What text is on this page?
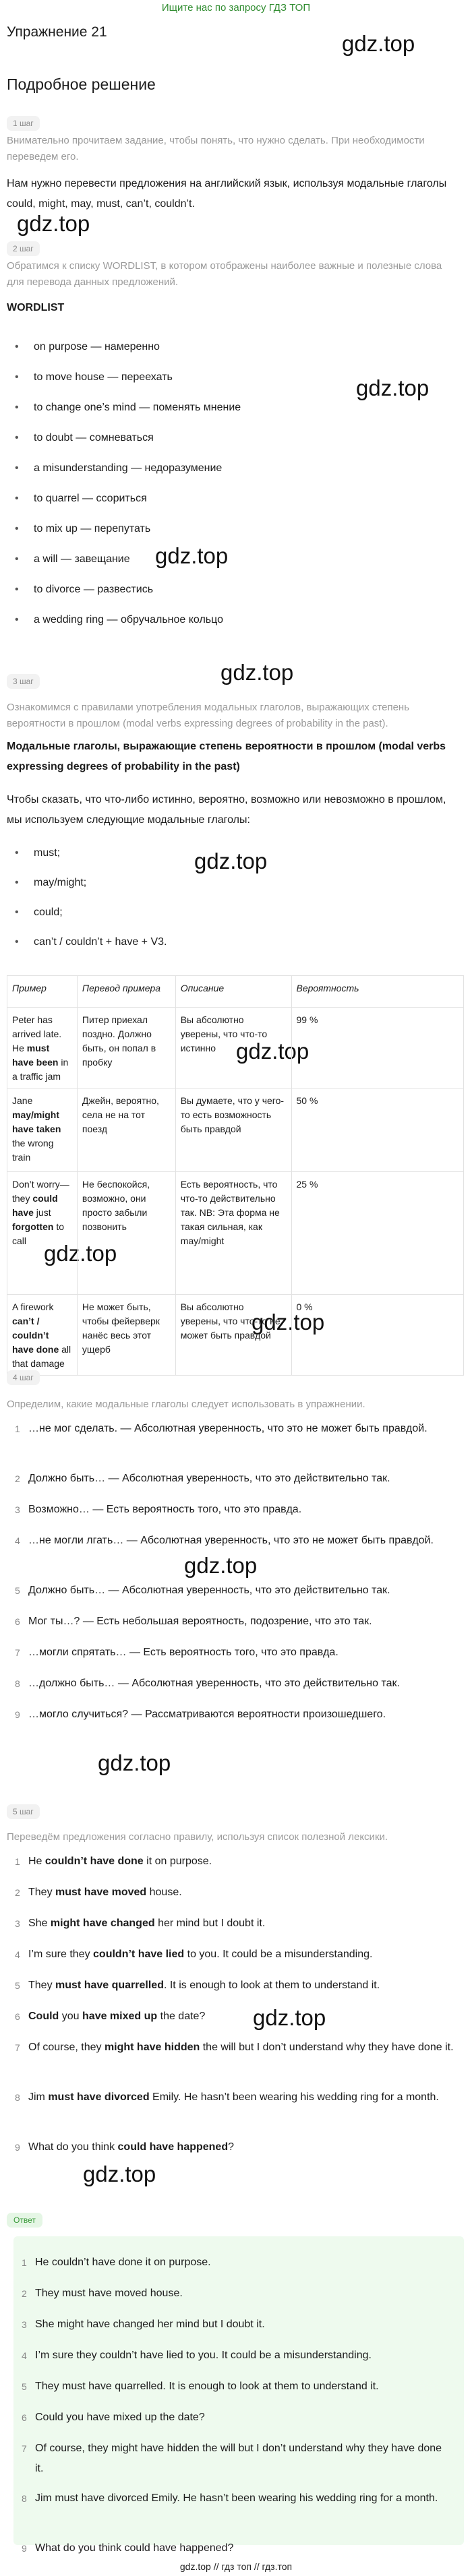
Ищите нас по запросу ГДЗ ТОП
Упражнение 21
Подробное решение
gdz.top
gdz.top
gdz.top
gdz.top
gdz.top
gdz.top
gdz.top
gdz.top
gdz.top
gdz.top
gdz.top
gdz.top
gdz.top
1 шаг
Внимательно прочитаем задание, чтобы понять, что нужно сделать. При необходимости переведем его.
Нам нужно перевести предложения на английский язык, используя модальные глаголы could, might, may, must, can’t, couldn’t.
2 шаг
Обратимся к списку WORDLIST, в котором отображены наиболее важные и полезные слова для перевода данных предложений.
WORDLIST
• on purpose — намеренно
• to move house — переехать
• to change one’s mind — поменять мнение
• to doubt — сомневаться
• a misunderstanding — недоразумение
• to quarrel — ссориться
• to mix up — перепутать
• a will — завещание
• to divorce — развестись
• a wedding ring — обручальное кольцо
3 шаг
Ознакомимся с правилами употребления модальных глаголов, выражающих степень вероятности в прошлом (modal verbs expressing degrees of probability in the past).
Модальные глаголы, выражающие степень вероятности в прошлом (modal verbs expressing degrees of probability in the past)
Чтобы сказать, что что-либо истинно, вероятно, возможно или невозможно в прошлом, мы используем следующие модальные глаголы:
• must;
• may/might;
• could;
• can’t / couldn’t + have + V3.
Пример	Перевод примера	Описание	Вероятность
Peter has arrived late. He must have been in a traffic jam	Питер приехал поздно. Должно быть, он попал в пробку	Вы абсолютно уверены, что что-то истинно	99 %
Jane may/might have taken the wrong train	Джейн, вероятно, села не на тот поезд	Вы думаете, что у чего-то есть возможность быть правдой	50 %
Don’t worry—they could have just forgotten to call	Не беспокойся, возможно, они просто забыли позвонить	Есть вероятность, что что-то действительно так. NB: Эта форма не такая сильная, как may/might	25 %
A firework can’t / couldn’t have done all that damage	Не может быть, чтобы фейерверк нанёс весь этот ущерб	Вы абсолютно уверены, что что-то не может быть правдой	0 %
4 шаг
Определим, какие модальные глаголы следует использовать в упражнении.
1 …не мог сделать. — Абсолютная уверенность, что это не может быть правдой.
2 Должно быть… — Абсолютная уверенность, что это действительно так.
3 Возможно… — Есть вероятность того, что это правда.
4 …не могли лгать… — Абсолютная уверенность, что это не может быть правдой.
5 Должно быть… — Абсолютная уверенность, что это действительно так.
6 Мог ты…? — Есть небольшая вероятность, подозрение, что это так.
7 …могли спрятать… — Есть вероятность того, что это правда.
8 …должно быть… — Абсолютная уверенность, что это действительно так.
9 …могло случиться? — Рассматриваются вероятности произошедшего.
5 шаг
Переведём предложения согласно правилу, используя список полезной лексики.
1 He couldn’t have done it on purpose.
2 They must have moved house.
3 She might have changed her mind but I doubt it.
4 I’m sure they couldn’t have lied to you. It could be a misunderstanding.
5 They must have quarrelled. It is enough to look at them to understand it.
6 Could you have mixed up the date?
7 Of course, they might have hidden the will but I don’t understand why they have done it.
8 Jim must have divorced Emily. He hasn’t been wearing his wedding ring for a month.
9 What do you think could have happened?
Ответ
1 He couldn’t have done it on purpose.
2 They must have moved house.
3 She might have changed her mind but I doubt it.
4 I’m sure they couldn’t have lied to you. It could be a misunderstanding.
5 They must have quarrelled. It is enough to look at them to understand it.
6 Could you have mixed up the date?
7 Of course, they might have hidden the will but I don’t understand why they have done it.
8 Jim must have divorced Emily. He hasn’t been wearing his wedding ring for a month.
9 What do you think could have happened?
gdz.top // гдз топ // гдз.топ
